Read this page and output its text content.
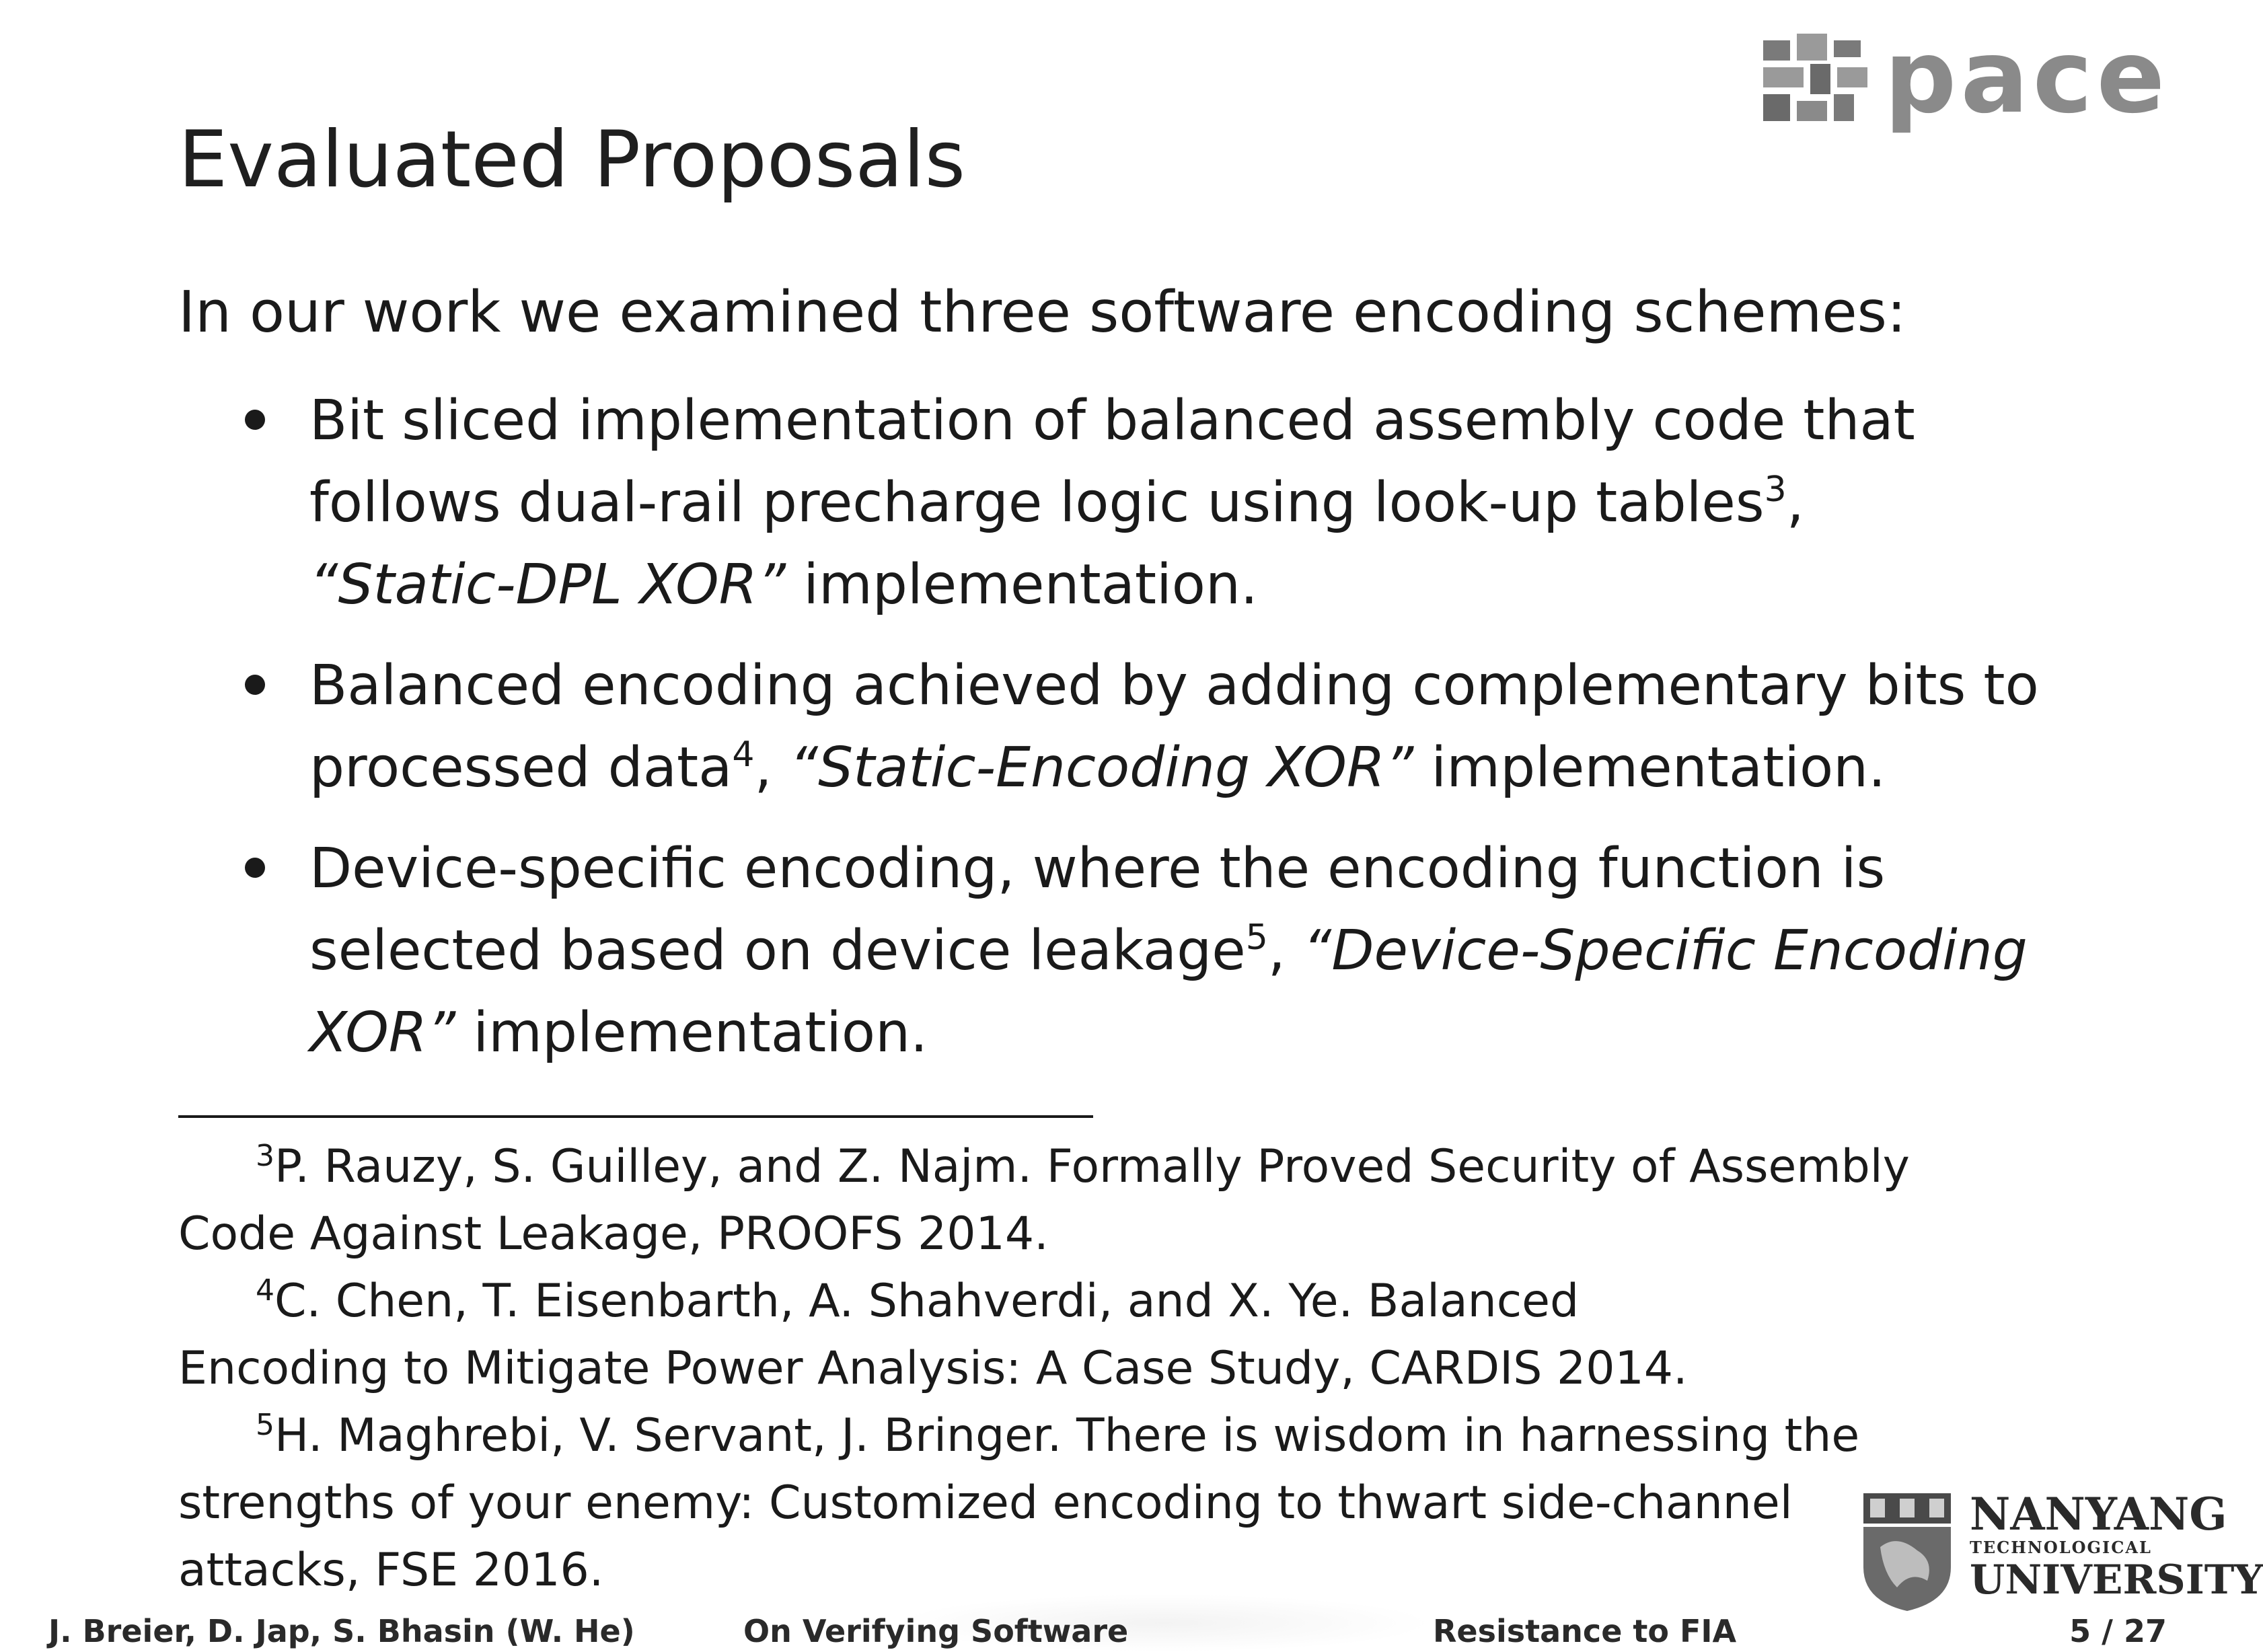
pace
Evaluated Proposals
In our work we examined three software encoding schemes:
Bit sliced implementation of balanced assembly code that
follows dual-rail precharge logic using look-up tables$^3$,
“Static-DPL XOR” implementation.
Balanced encoding achieved by adding complementary bits to
processed data$^4$, “Static-Encoding XOR” implementation.
Device-specific encoding, where the encoding function is
selected based on device leakage$^5$, “Device-Specific Encoding
XOR” implementation.
$^3$P. Rauzy, S. Guilley, and Z. Najm. Formally Proved Security of Assembly
Code Against Leakage, PROOFS 2014.
$^4$C. Chen, T. Eisenbarth, A. Shahverdi, and X. Ye. Balanced
Encoding to Mitigate Power Analysis: A Case Study, CARDIS 2014.
$^5$H. Maghrebi, V. Servant, J. Bringer. There is wisdom in harnessing the
strengths of your enemy: Customized encoding to thwart side-channel
attacks, FSE 2016.
NANYANG
TECHNOLOGICAL
UNIVERSITY
J. Breier, D. Jap, S. Bhasin (W. He)	On Verifying Software	Resistance to FIA	5 / 27
